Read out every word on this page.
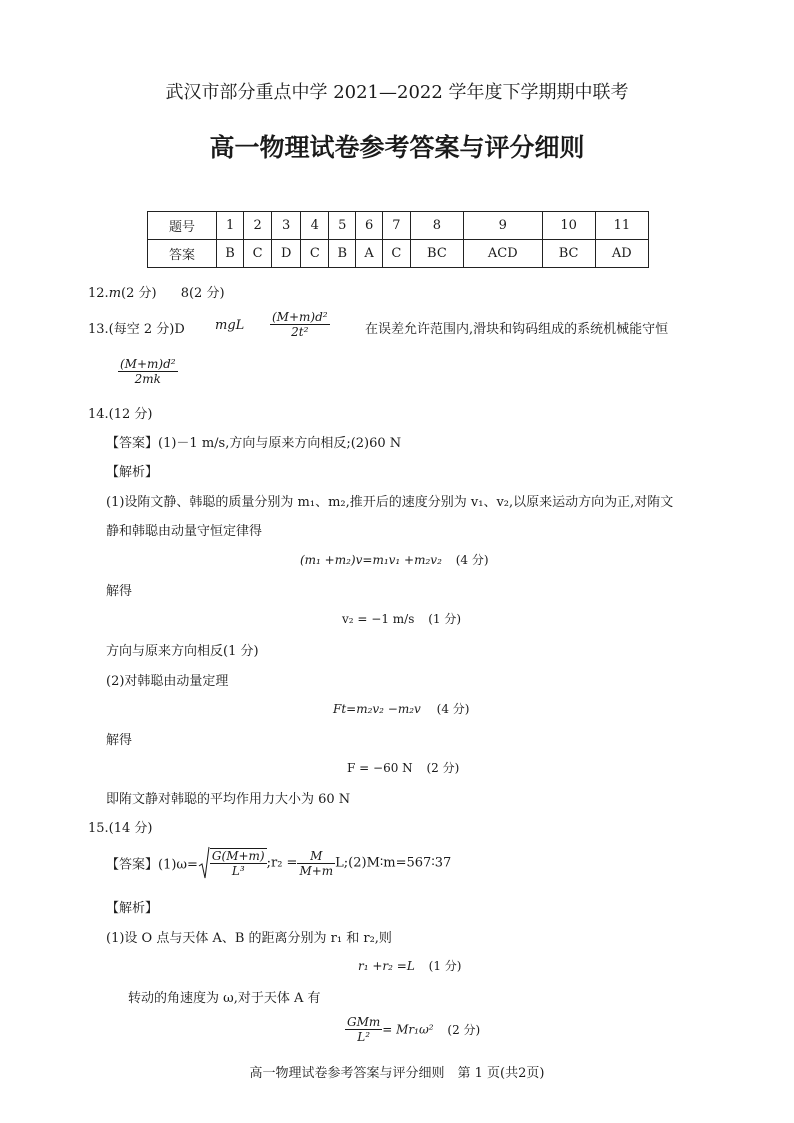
武汉市部分重点中学 2021—2022 学年度下学期期中联考
高一物理试卷参考答案与评分细则
题号	1	2	3	4	5	6	7	8	9	10	11
答案	B	C	D	C	B	A	C	BC	ACD	BC	AD
12.m(2 分) 8(2 分)
13.(每空 2 分)D mgL $\frac{\text{(M+m)d²}}{\text{2t²}}$	在误差允许范围内,滑块和钩码组成的系统机械能守恒
$\frac{\text{(M+m)d²}}{2mk}$
14.(12 分)
【答案】(1)－1 m/s,方向与原来方向相反;(2)60 N
【解析】
(1)设陏文静、韩聪的质量分别为 m₁、m₂,推开后的速度分别为 v₁、v₂,以原来运动方向为正,对陏文
静和韩聪由动量守恒定律得
(m₁ +m₂)v=m₁v₁ +m₂v₂ (4 分)
解得
v₂ = −1 m/s (1 分)
方向与原来方向相反(1 分)
(2)对韩聪由动量定理
Ft=m₂v₂ −m₂v (4 分)
解得
F = −60 N (2 分)
即陏文静对韩聪的平均作用力大小为 60 N
15.(14 分)
【答案】$(1)\omega= \frac{G(M+m)}{\text{L³}}$ ;r₂ = $\frac{M}{M+m}$ L;(2)M∶m=567∶37
【解析】
(1)设 O 点与天体 A、B 的距离分别为 r₁ 和 r₂,则
r₁ +r₂ =L (1 分)
转动的角速度为 ω,对于天体 A 有
$\frac{\text{GMm}}{\text{L²}} = Mr_1\omega^2$ (2 分)
高一物理试卷参考答案与评分细则　第 1 页(共2页)
